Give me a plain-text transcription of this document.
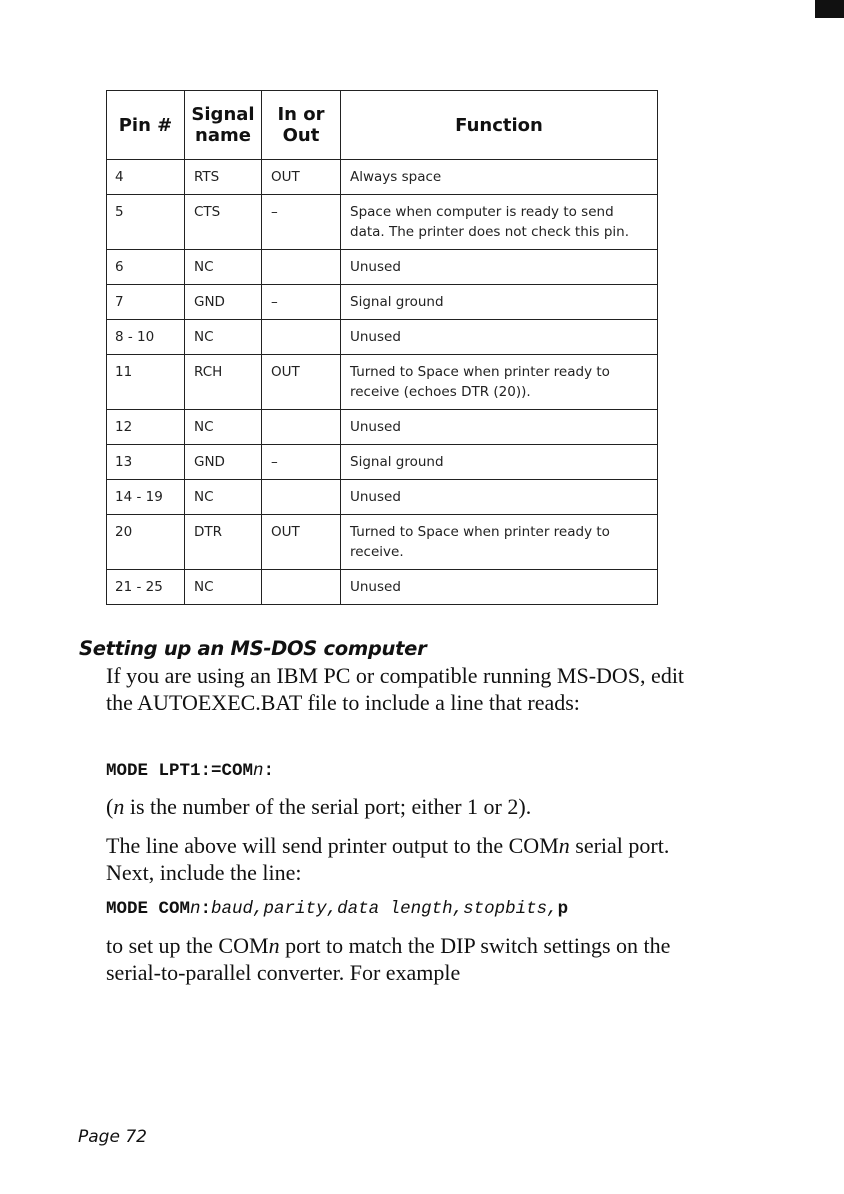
Pin #	Signal name	In or Out	Function
4	RTS	OUT	Always space
5	CTS	–	Space when computer is ready to send data. The printer does not check this pin.
6	NC		Unused
7	GND	–	Signal ground
8 - 10	NC		Unused
11	RCH	OUT	Turned to Space when printer ready to receive (echoes DTR (20)).
12	NC		Unused
13	GND	–	Signal ground
14 - 19	NC		Unused
20	DTR	OUT	Turned to Space when printer ready to receive.
21 - 25	NC		Unused
Setting up an MS-DOS computer

If you are using an IBM PC or compatible running MS-DOS, edit the AUTOEXEC.BAT file to include a line that reads:

MODE LPT1:=COMn:

(n is the number of the serial port; either 1 or 2).

The line above will send printer output to the COMn serial port. Next, include the line:

MODE COMn:baud,parity,data length,stopbits,p

to set up the COMn port to match the DIP switch settings on the serial-to-parallel converter. For example

Page 72
